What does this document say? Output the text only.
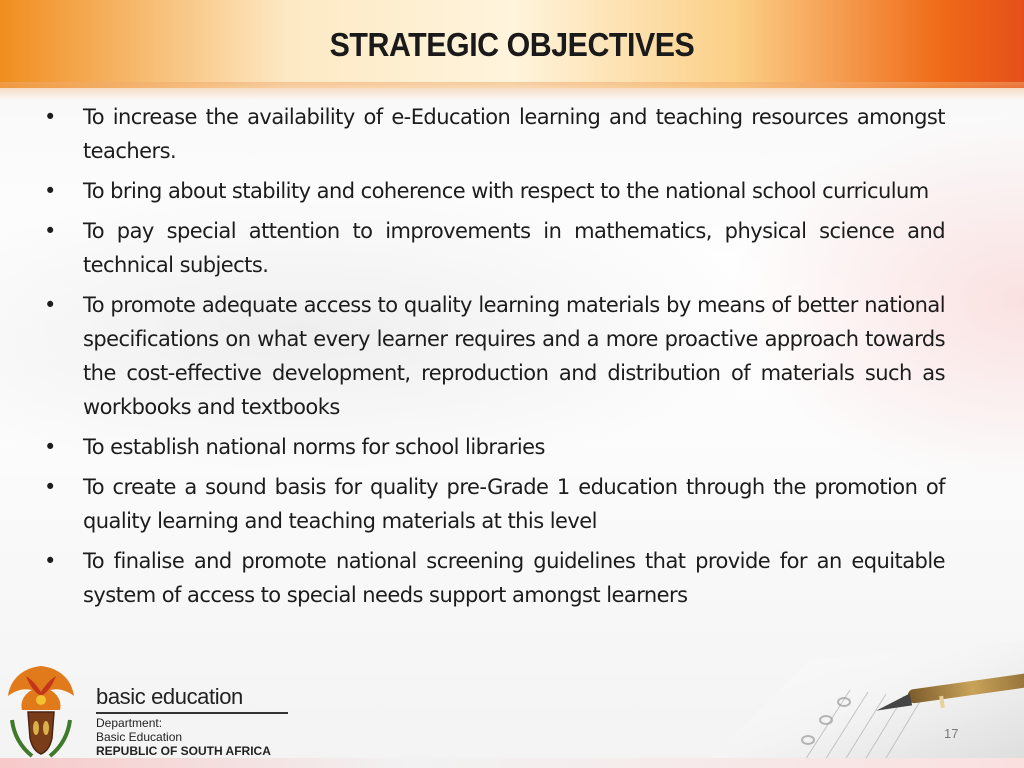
STRATEGIC OBJECTIVES
• To increase the availability of e-Education learning and teaching resources amongst teachers.
• To bring about stability and coherence with respect to the national school curriculum
• To pay special attention to improvements in mathematics, physical science and technical subjects.
• To promote adequate access to quality learning materials by means of better national specifications on what every learner requires and a more proactive approach towards the cost-effective development, reproduction and distribution of materials such as workbooks and textbooks
• To establish national norms for school libraries
• To create a sound basis for quality pre-Grade 1 education through the promotion of quality learning and teaching materials at this level
• To finalise and promote national screening guidelines that provide for an equitable system of access to special needs support amongst learners
basic education
Department:
Basic Education
REPUBLIC OF SOUTH AFRICA
17
